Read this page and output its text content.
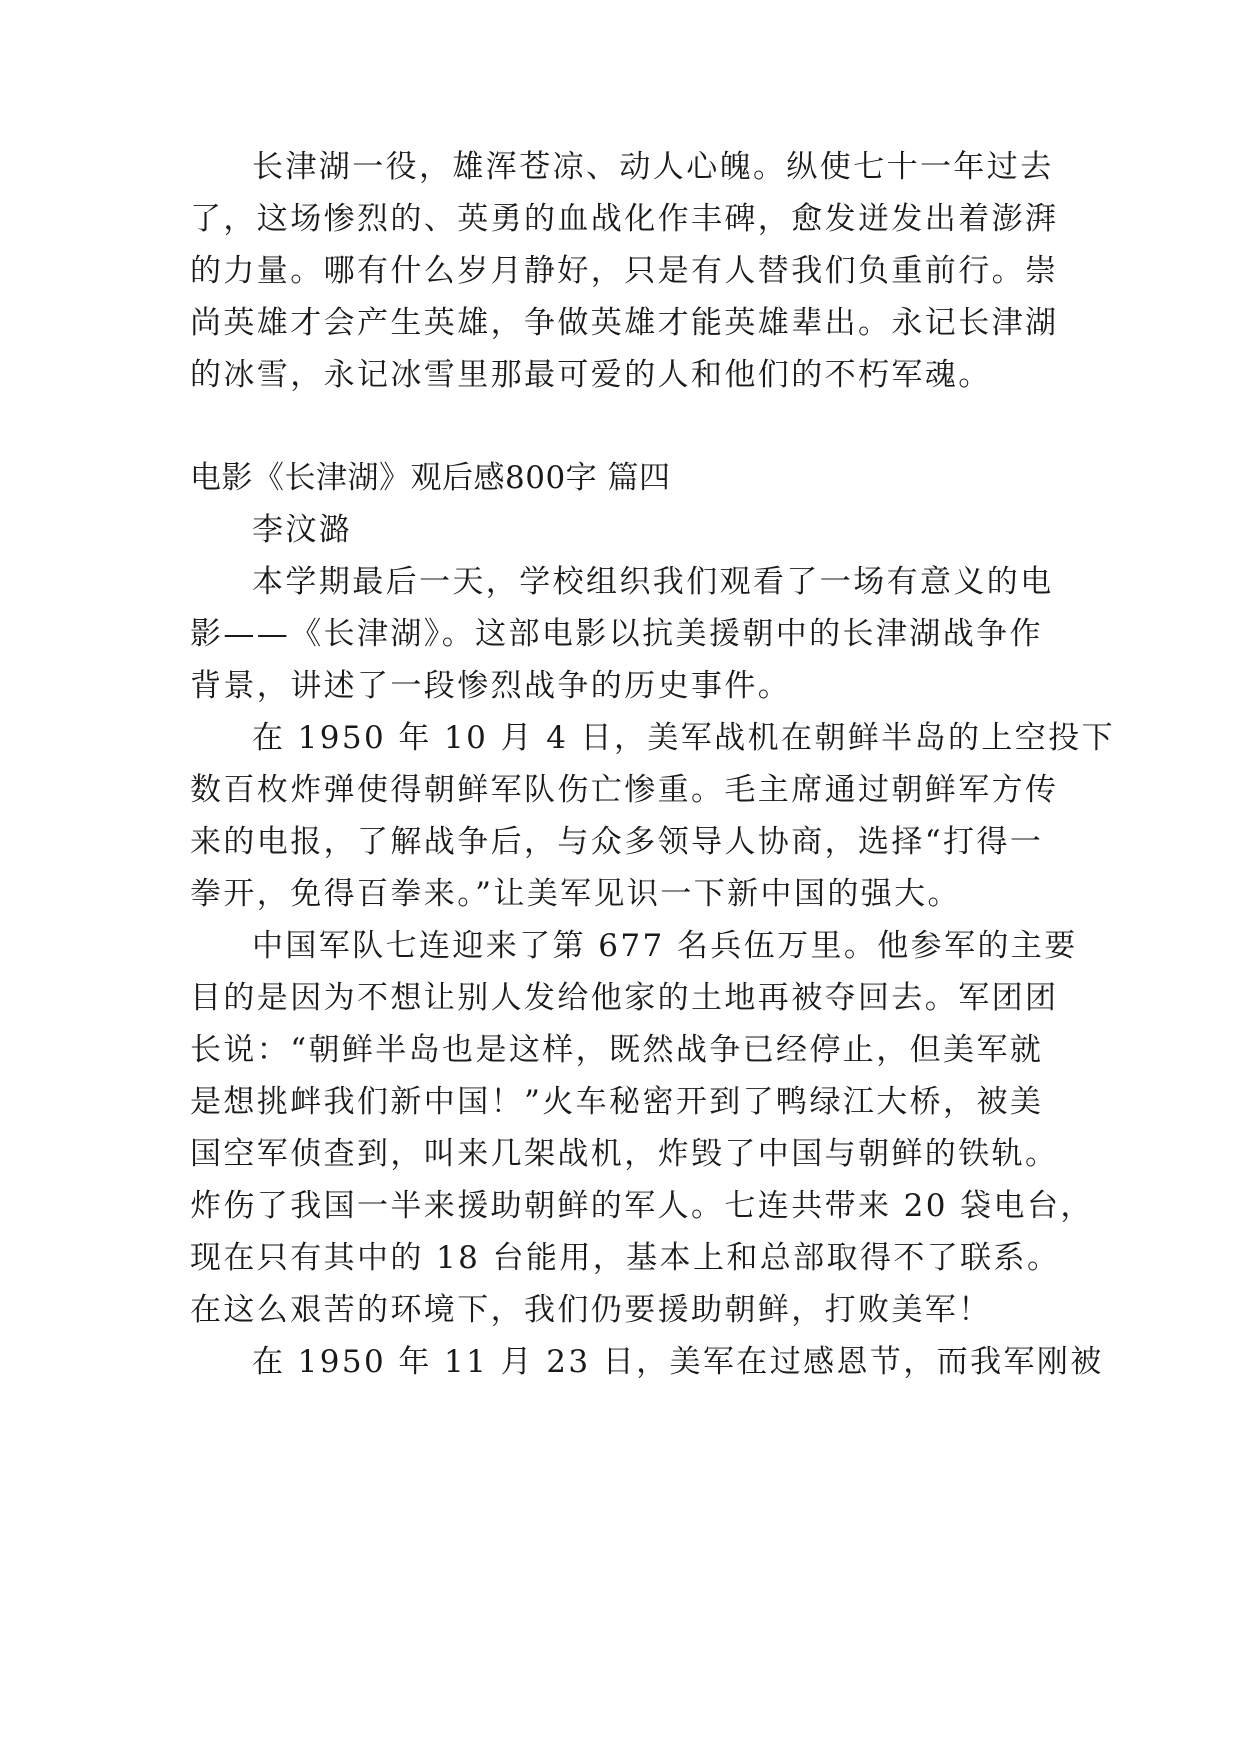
长津湖一役，雄浑苍凉、动人心魄。纵使七十一年过去
了，这场惨烈的、英勇的血战化作丰碑，愈发迸发出着澎湃
的力量。哪有什么岁月静好，只是有人替我们负重前行。崇
尚英雄才会产生英雄，争做英雄才能英雄辈出。永记长津湖
的冰雪，永记冰雪里那最可爱的人和他们的不朽军魂。
电影《长津湖》观后感800字 篇四
李汶潞
本学期最后一天，学校组织我们观看了一场有意义的电
影——《长津湖》。这部电影以抗美援朝中的长津湖战争作
背景，讲述了一段惨烈战争的历史事件。
在 1950 年 10 月 4 日，美军战机在朝鲜半岛的上空投下
数百枚炸弹使得朝鲜军队伤亡惨重。毛主席通过朝鲜军方传
来的电报，了解战争后，与众多领导人协商，选择“打得一
拳开，免得百拳来。”让美军见识一下新中国的强大。
中国军队七连迎来了第 677 名兵伍万里。他参军的主要
目的是因为不想让别人发给他家的土地再被夺回去。军团团
长说：“朝鲜半岛也是这样，既然战争已经停止，但美军就
是想挑衅我们新中国！”火车秘密开到了鸭绿江大桥，被美
国空军侦查到，叫来几架战机，炸毁了中国与朝鲜的铁轨。
炸伤了我国一半来援助朝鲜的军人。七连共带来 20 袋电台，
现在只有其中的 18 台能用，基本上和总部取得不了联系。
在这么艰苦的环境下，我们仍要援助朝鲜，打败美军！
在 1950 年 11 月 23 日，美军在过感恩节，而我军刚被
